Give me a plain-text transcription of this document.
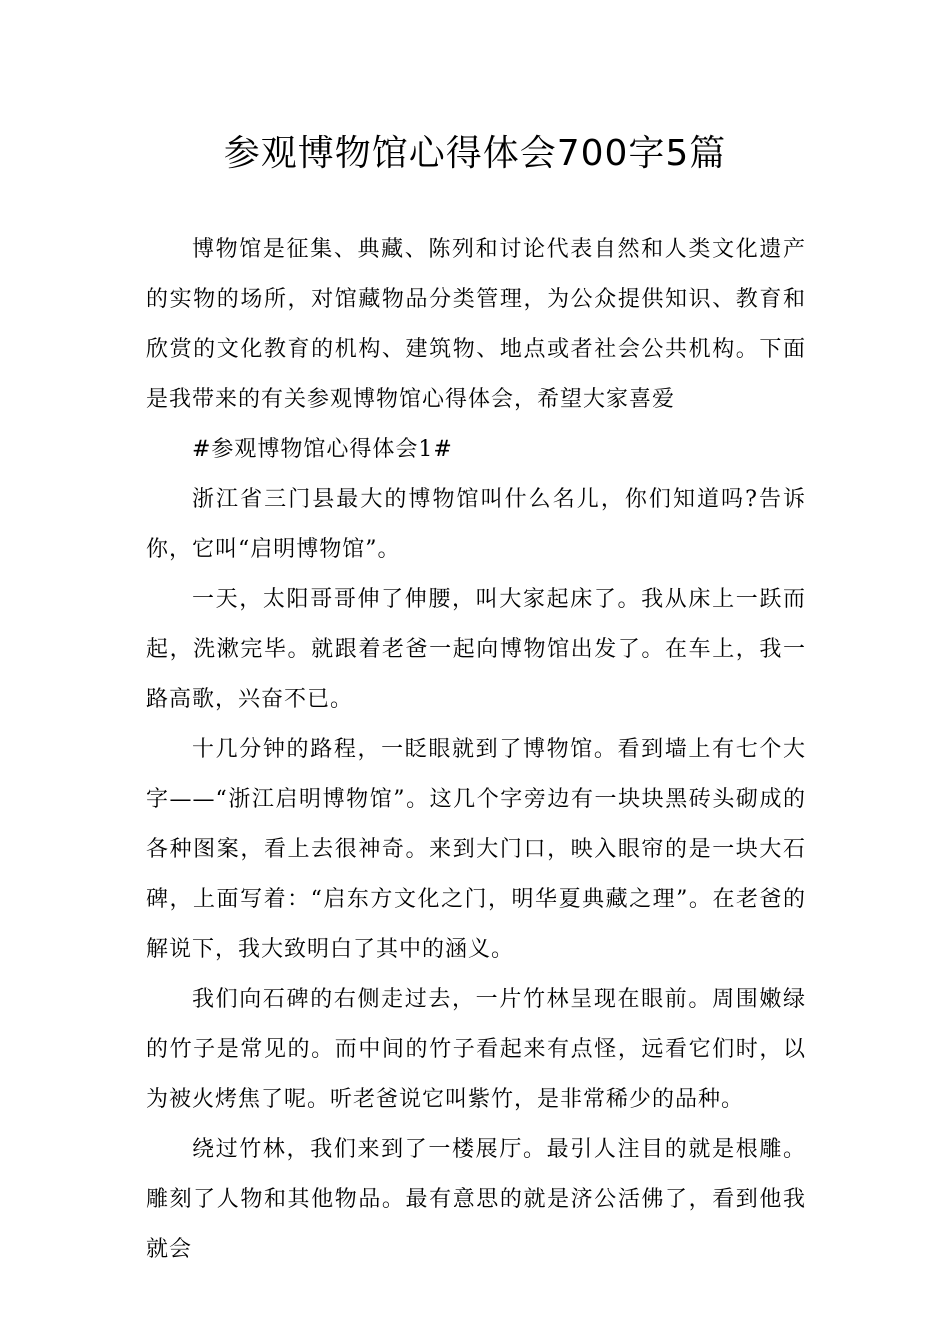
参观博物馆心得体会700字5篇

博物馆是征集、典藏、陈列和讨论代表自然和人类文化遗产的实物的场所，对馆藏物品分类管理，为公众提供知识、教育和欣赏的文化教育的机构、建筑物、地点或者社会公共机构。下面是我带来的有关参观博物馆心得体会，希望大家喜爱

#参观博物馆心得体会1#

浙江省三门县最大的博物馆叫什么名儿，你们知道吗?告诉你，它叫“启明博物馆”。

一天，太阳哥哥伸了伸腰，叫大家起床了。我从床上一跃而起，洗漱完毕。就跟着老爸一起向博物馆出发了。在车上，我一路高歌，兴奋不已。

十几分钟的路程，一眨眼就到了博物馆。看到墙上有七个大字——“浙江启明博物馆”。这几个字旁边有一块块黑砖头砌成的各种图案，看上去很神奇。来到大门口，映入眼帘的是一块大石碑，上面写着：“启东方文化之门，明华夏典藏之理”。在老爸的解说下，我大致明白了其中的涵义。

我们向石碑的右侧走过去，一片竹林呈现在眼前。周围嫩绿的竹子是常见的。而中间的竹子看起来有点怪，远看它们时，以为被火烤焦了呢。听老爸说它叫紫竹，是非常稀少的品种。

绕过竹林，我们来到了一楼展厅。最引人注目的就是根雕。雕刻了人物和其他物品。最有意思的就是济公活佛了，看到他我就会
